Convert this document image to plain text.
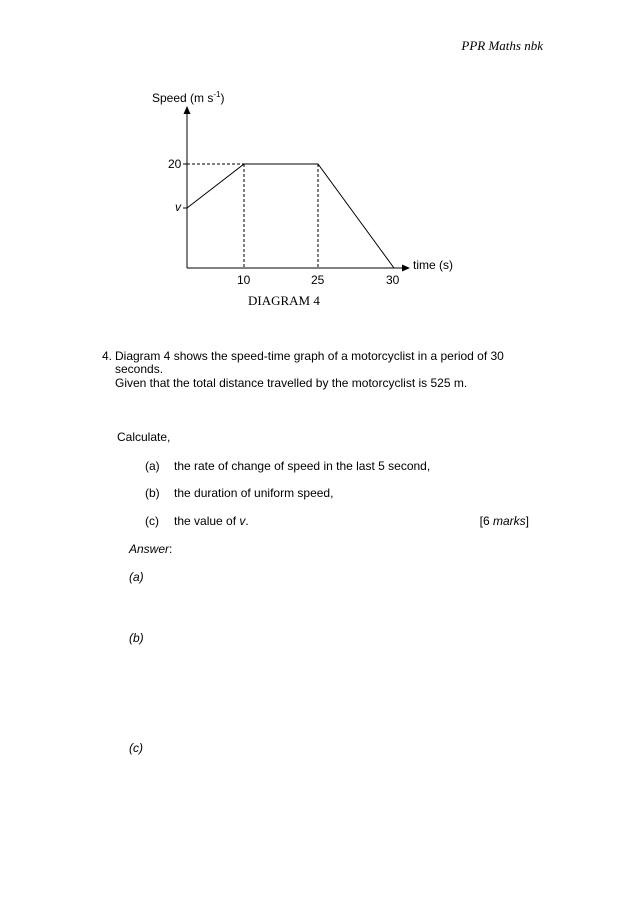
PPR Maths nbk
Speed (m $s^{-1}$)
20
v
10	25	30
time (s)
DIAGRAM 4
4. Diagram 4 shows the speed-time graph of a motorcyclist in a period of 30
seconds.
Given that the total distance travelled by the motorcyclist is 525 m.
Calculate,
(a) the rate of change of speed in the last 5 second,
(b) the duration of uniform speed,
(c) the value of v.	[6 marks]
Answer:
(a)
(b)
(c)
